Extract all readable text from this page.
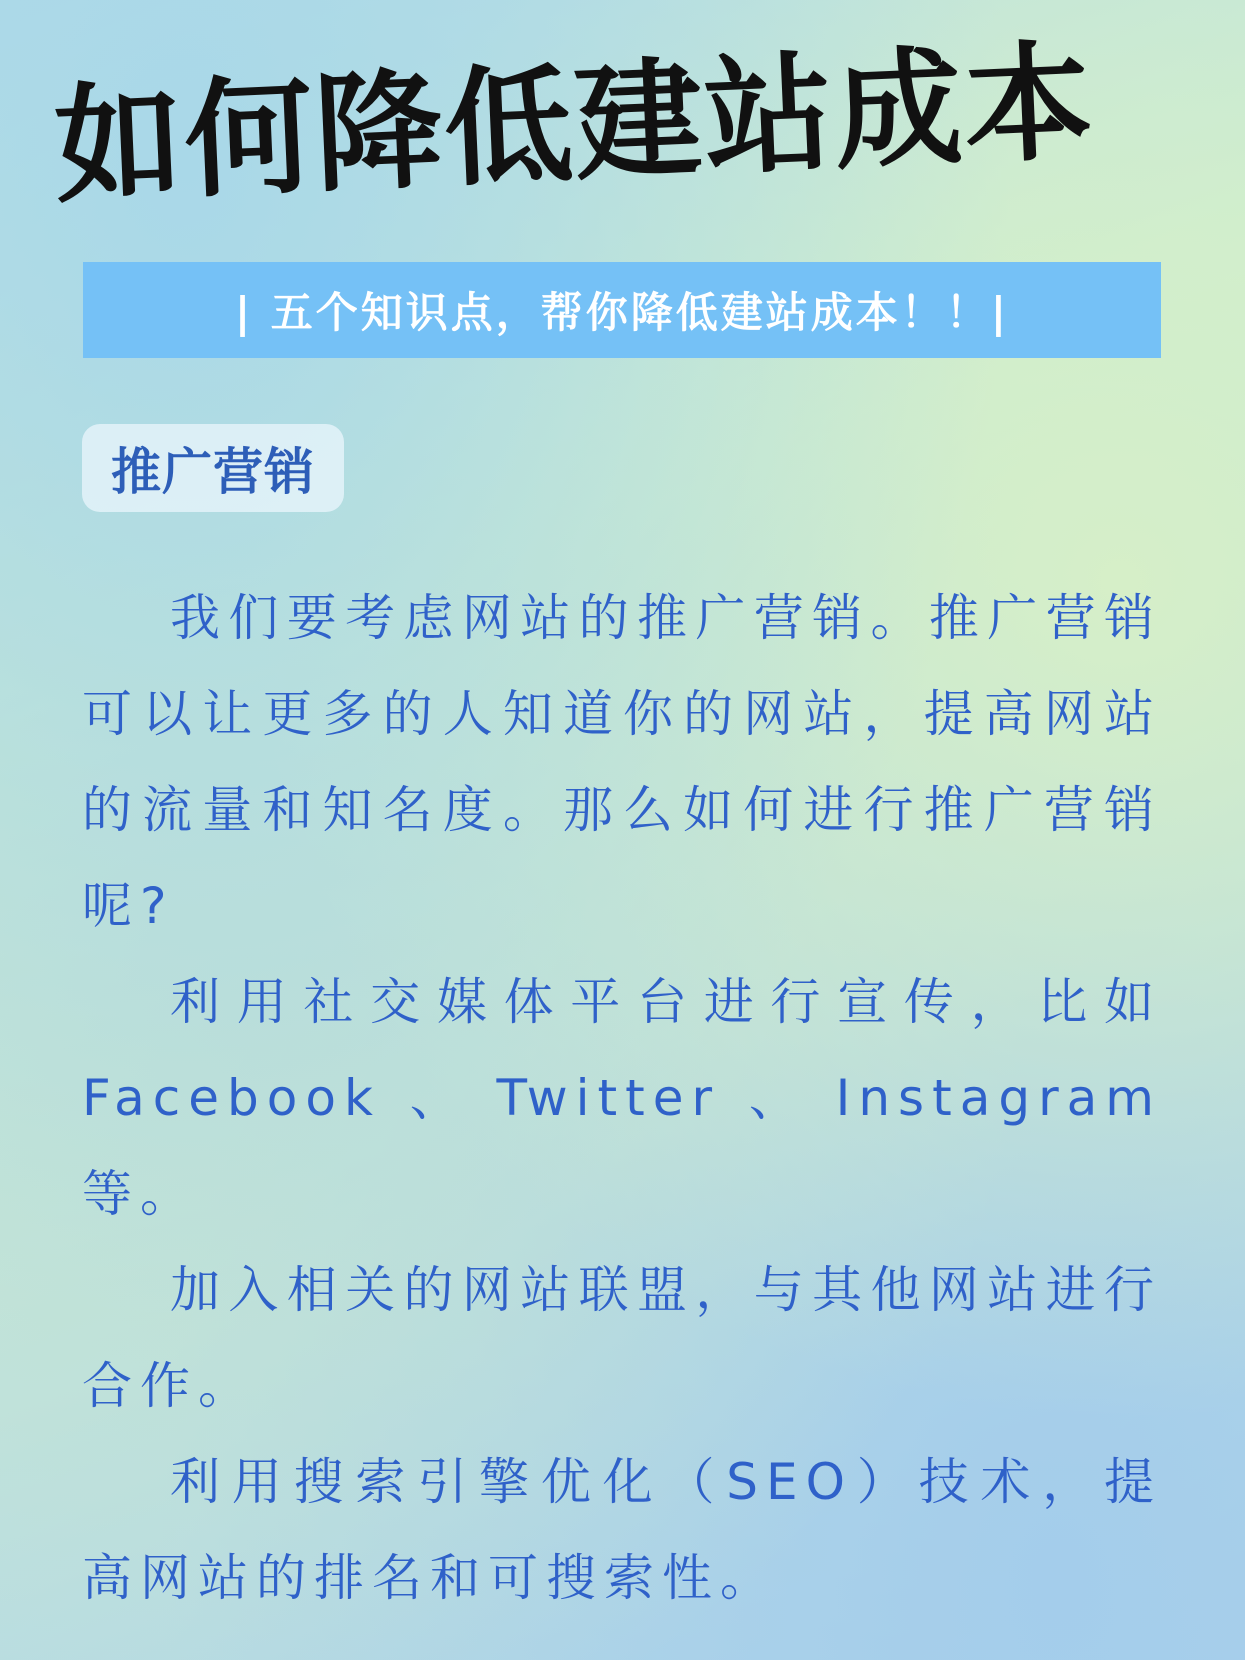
如何降低建站成本
| 五个知识点，帮你降低建站成本！！|
推广营销

我们要考虑网站的推广营销。推广营销可以让更多的人知道你的网站，提高网站的流量和知名度。那么如何进行推广营销呢?

利用社交媒体平台进行宣传，比如 Facebook、Twitter、Instagram 等。

加入相关的网站联盟，与其他网站进行合作。

利用搜索引擎优化（SEO）技术，提高网站的排名和可搜索性。
